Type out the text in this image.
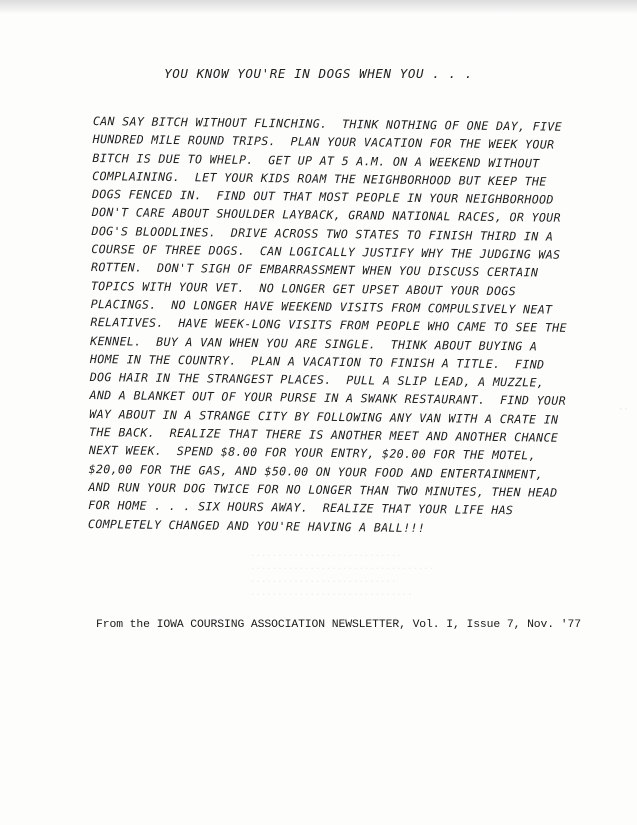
YOU KNOW YOU'RE IN DOGS WHEN YOU . . .
CAN SAY BITCH WITHOUT FLINCHING.  THINK NOTHING OF ONE DAY, FIVE
HUNDRED MILE ROUND TRIPS.  PLAN YOUR VACATION FOR THE WEEK YOUR
BITCH IS DUE TO WHELP.  GET UP AT 5 A.M. ON A WEEKEND WITHOUT
COMPLAINING.  LET YOUR KIDS ROAM THE NEIGHBORHOOD BUT KEEP THE
DOGS FENCED IN.  FIND OUT THAT MOST PEOPLE IN YOUR NEIGHBORHOOD
DON'T CARE ABOUT SHOULDER LAYBACK, GRAND NATIONAL RACES, OR YOUR
DOG'S BLOODLINES.  DRIVE ACROSS TWO STATES TO FINISH THIRD IN A
COURSE OF THREE DOGS.  CAN LOGICALLY JUSTIFY WHY THE JUDGING WAS
ROTTEN.  DON'T SIGH OF EMBARRASSMENT WHEN YOU DISCUSS CERTAIN
TOPICS WITH YOUR VET.  NO LONGER GET UPSET ABOUT YOUR DOGS
PLACINGS.  NO LONGER HAVE WEEKEND VISITS FROM COMPULSIVELY NEAT
RELATIVES.  HAVE WEEK-LONG VISITS FROM PEOPLE WHO CAME TO SEE THE
KENNEL.  BUY A VAN WHEN YOU ARE SINGLE.  THINK ABOUT BUYING A
HOME IN THE COUNTRY.  PLAN A VACATION TO FINISH A TITLE.  FIND
DOG HAIR IN THE STRANGEST PLACES.  PULL A SLIP LEAD, A MUZZLE,
AND A BLANKET OUT OF YOUR PURSE IN A SWANK RESTAURANT.  FIND YOUR
WAY ABOUT IN A STRANGE CITY BY FOLLOWING ANY VAN WITH A CRATE IN
THE BACK.  REALIZE THAT THERE IS ANOTHER MEET AND ANOTHER CHANCE
NEXT WEEK.  SPEND $8.00 FOR YOUR ENTRY, $20.00 FOR THE MOTEL,
$20,00 FOR THE GAS, AND $50.00 ON YOUR FOOD AND ENTERTAINMENT,
AND RUN YOUR DOG TWICE FOR NO LONGER THAN TWO MINUTES, THEN HEAD
FOR HOME . . . SIX HOURS AWAY.  REALIZE THAT YOUR LIFE HAS
COMPLETELY CHANGED AND YOU'RE HAVING A BALL!!!
............................
..................................
...........................
..............................
··
From the IOWA COURSING ASSOCIATION NEWSLETTER, Vol. I, Issue 7, Nov. '77
